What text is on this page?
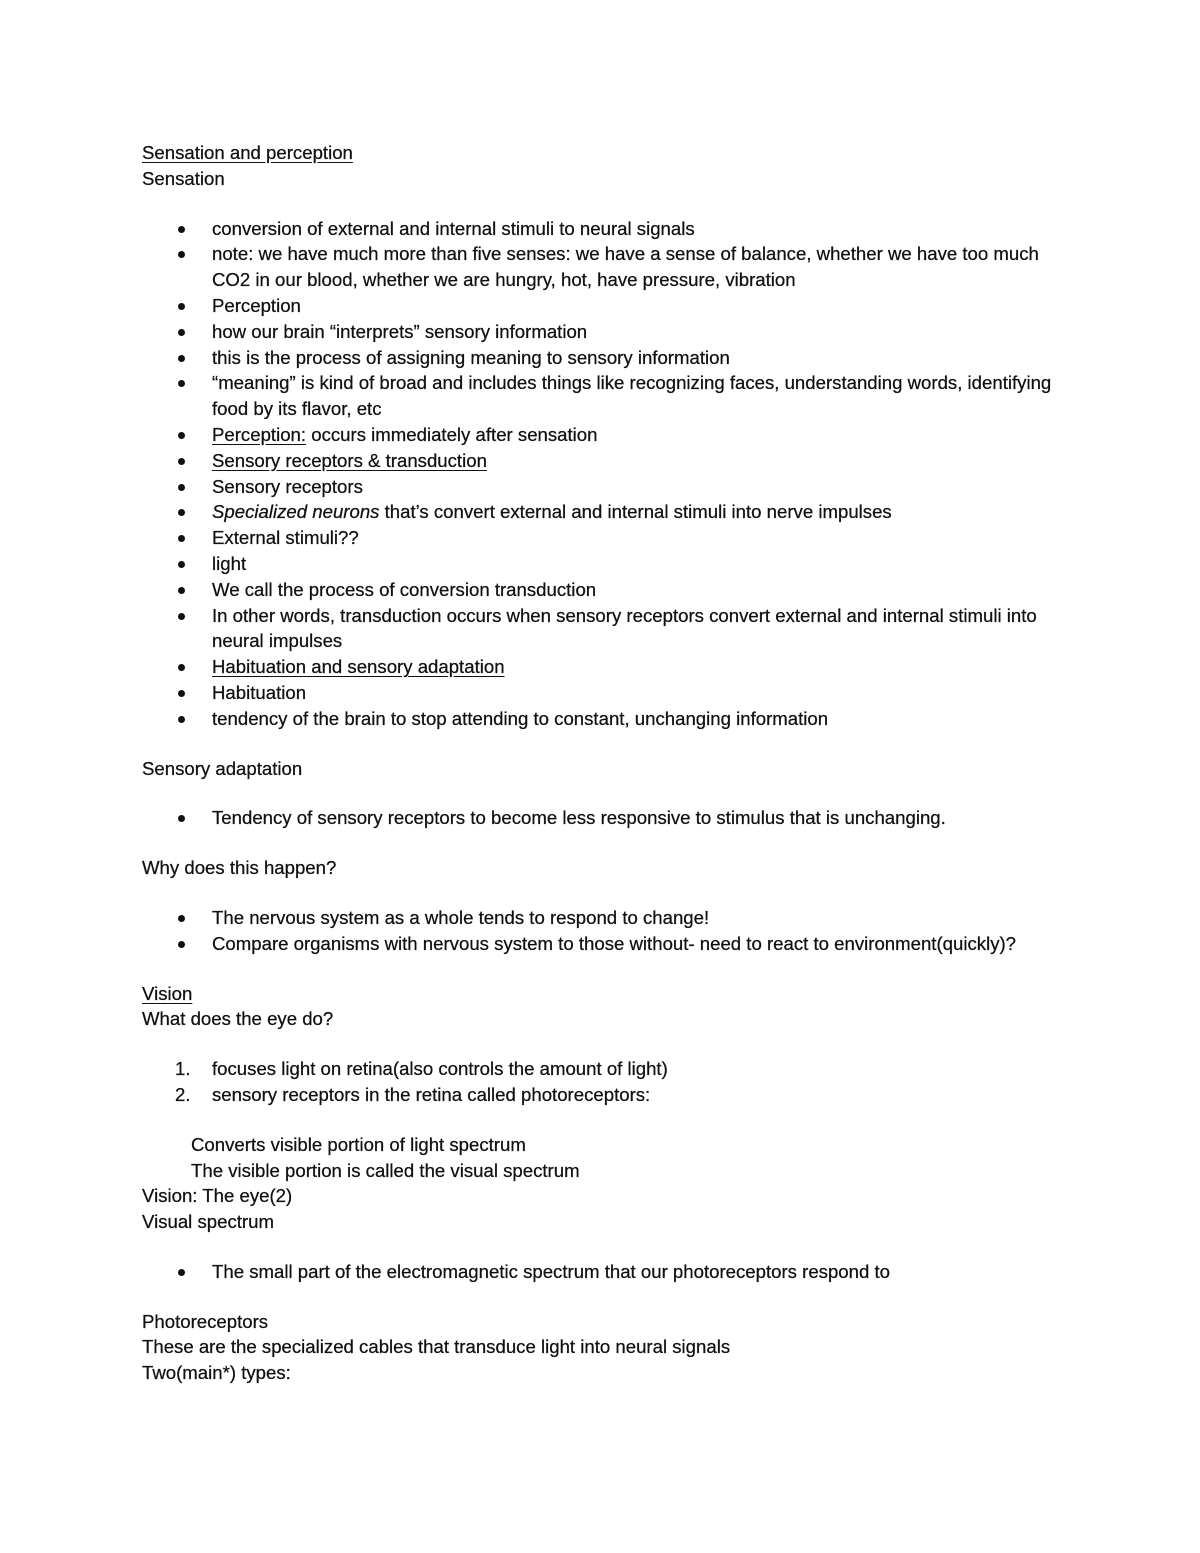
Sensation and perception

Sensation

conversion of external and internal stimuli to neural signals
note: we have much more than five senses: we have a sense of balance, whether we have too much CO2 in our blood, whether we are hungry, hot, have pressure, vibration
Perception
how our brain “interprets” sensory information
this is the process of assigning meaning to sensory information
“meaning” is kind of broad and includes things like recognizing faces, understanding words, identifying food by its flavor, etc
Perception: occurs immediately after sensation
Sensory receptors & transduction
Sensory receptors
Specialized neurons that’s convert external and internal stimuli into nerve impulses
External stimuli??
light
We call the process of conversion transduction
In other words, transduction occurs when sensory receptors convert external and internal stimuli into neural impulses
Habituation and sensory adaptation
Habituation
tendency of the brain to stop attending to constant, unchanging information

Sensory adaptation

Tendency of sensory receptors to become less responsive to stimulus that is unchanging.

Why does this happen?

The nervous system as a whole tends to respond to change!
Compare organisms with nervous system to those without- need to react to environment(quickly)?

Vision

What does the eye do?

1. focuses light on retina(also controls the amount of light)
2. sensory receptors in the retina called photoreceptors:

Converts visible portion of light spectrum

The visible portion is called the visual spectrum

Vision: The eye(2)

Visual spectrum

The small part of the electromagnetic spectrum that our photoreceptors respond to

Photoreceptors

These are the specialized cables that transduce light into neural signals

Two(main*) types:
